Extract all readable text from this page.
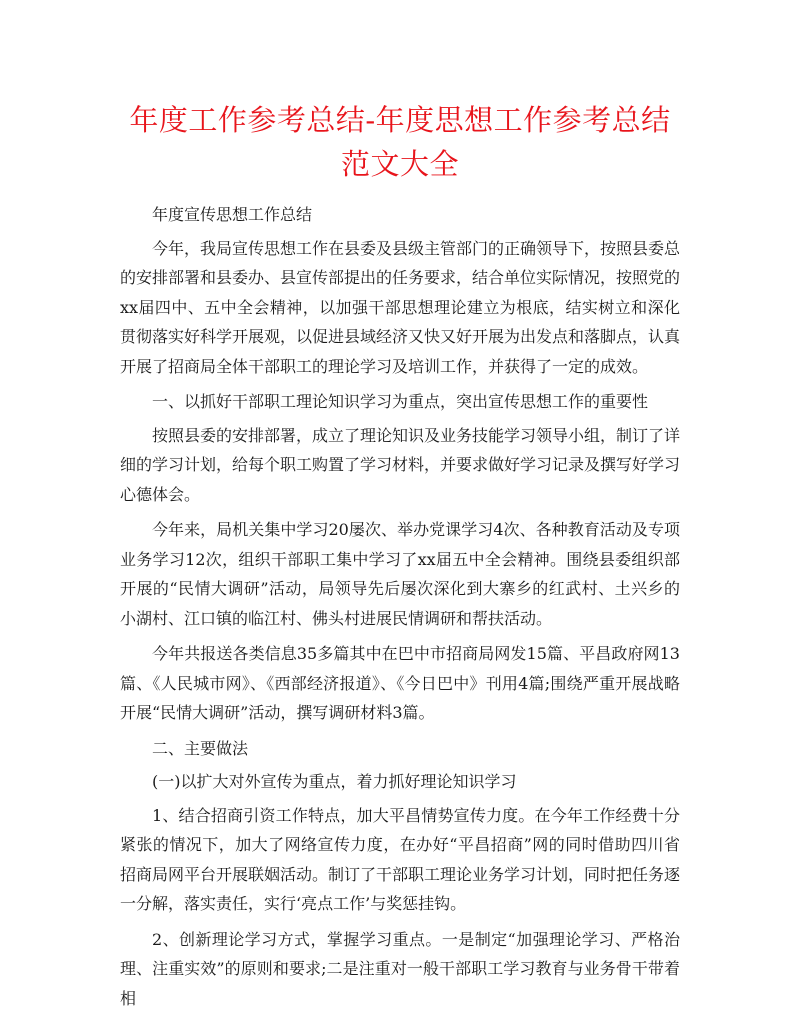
年度工作参考总结-年度思想工作参考总结范文大全

年度宣传思想工作总结

今年，我局宣传思想工作在县委及县级主管部门的正确领导下，按照县委总的安排部署和县委办、县宣传部提出的任务要求，结合单位实际情况，按照党的xx届四中、五中全会精神，以加强干部思想理论建立为根底，结实树立和深化贯彻落实好科学开展观，以促进县域经济又快又好开展为出发点和落脚点，认真开展了招商局全体干部职工的理论学习及培训工作，并获得了一定的成效。

一、以抓好干部职工理论知识学习为重点，突出宣传思想工作的重要性

按照县委的安排部署，成立了理论知识及业务技能学习领导小组，制订了详细的学习计划，给每个职工购置了学习材料，并要求做好学习记录及撰写好学习心德体会。

今年来，局机关集中学习20屡次、举办党课学习4次、各种教育活动及专项业务学习12次，组织干部职工集中学习了xx届五中全会精神。围绕县委组织部开展的“民情大调研”活动，局领导先后屡次深化到大寨乡的红武村、土兴乡的小湖村、江口镇的临江村、佛头村进展民情调研和帮扶活动。

今年共报送各类信息35多篇其中在巴中市招商局网发15篇、平昌政府网13篇、《人民城市网》、《西部经济报道》、《今日巴中》刊用4篇;围绕严重开展战略开展“民情大调研”活动，撰写调研材料3篇。

二、主要做法

(一)以扩大对外宣传为重点，着力抓好理论知识学习

1、结合招商引资工作特点，加大平昌情势宣传力度。在今年工作经费十分紧张的情况下，加大了网络宣传力度，在办好“平昌招商”网的同时借助四川省招商局网平台开展联姻活动。制订了干部职工理论业务学习计划，同时把任务逐一分解，落实责任，实行‘亮点工作’与奖惩挂钩。

2、创新理论学习方式，掌握学习重点。一是制定“加强理论学习、严格治理、注重实效”的原则和要求;二是注重对一般干部职工学习教育与业务骨干带着相
